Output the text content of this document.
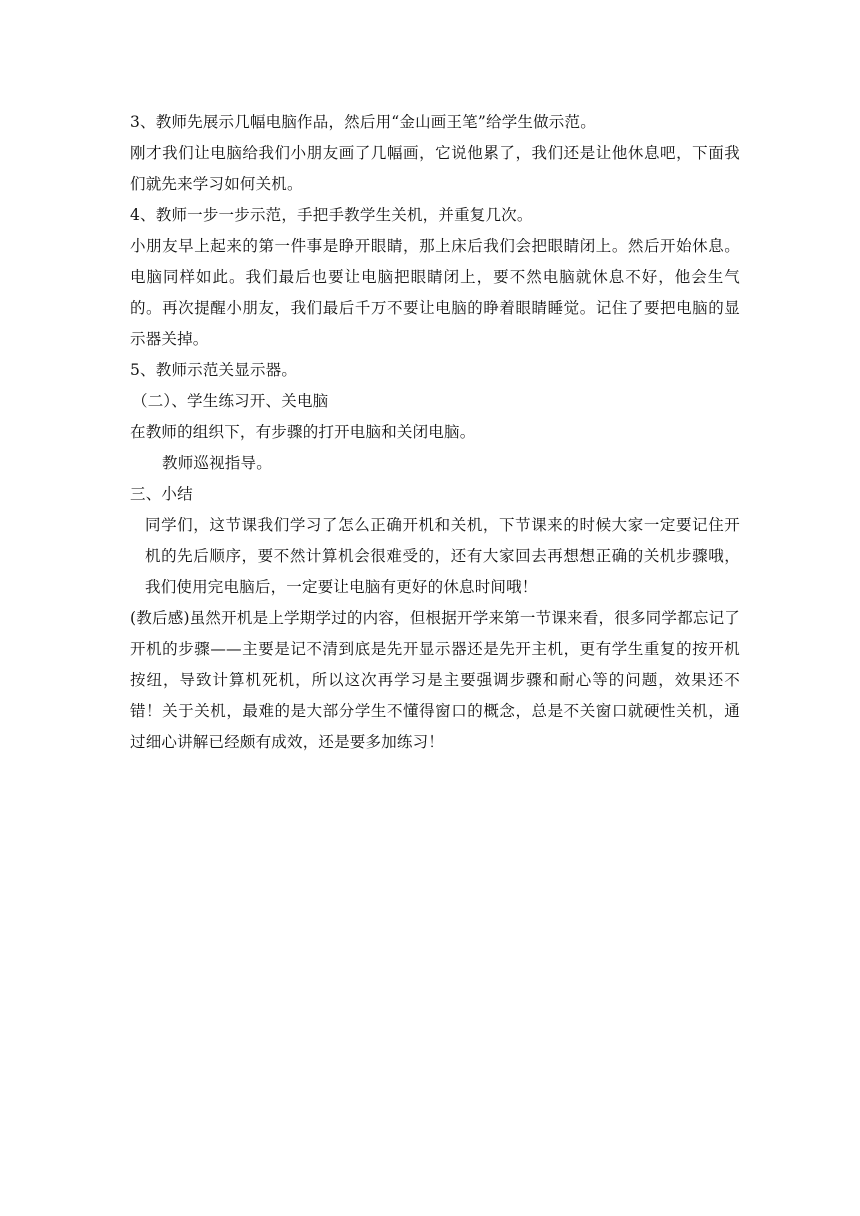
3、教师先展示几幅电脑作品，然后用“金山画王笔”给学生做示范。

刚才我们让电脑给我们小朋友画了几幅画，它说他累了，我们还是让他休息吧，下面我们就先来学习如何关机。

4、教师一步一步示范，手把手教学生关机，并重复几次。

小朋友早上起来的第一件事是睁开眼睛，那上床后我们会把眼睛闭上。然后开始休息。电脑同样如此。我们最后也要让电脑把眼睛闭上，要不然电脑就休息不好，他会生气的。再次提醒小朋友，我们最后千万不要让电脑的睁着眼睛睡觉。记住了要把电脑的显示器关掉。

5、教师示范关显示器。

（二）、学生练习开、关电脑

在教师的组织下，有步骤的打开电脑和关闭电脑。

教师巡视指导。

三、小结

同学们，这节课我们学习了怎么正确开机和关机，下节课来的时候大家一定要记住开机的先后顺序，要不然计算机会很难受的，还有大家回去再想想正确的关机步骤哦，我们使用完电脑后，一定要让电脑有更好的休息时间哦！

(教后感)虽然开机是上学期学过的内容，但根据开学来第一节课来看，很多同学都忘记了开机的步骤——主要是记不清到底是先开显示器还是先开主机，更有学生重复的按开机按纽，导致计算机死机，所以这次再学习是主要强调步骤和耐心等的问题，效果还不错！关于关机，最难的是大部分学生不懂得窗口的概念，总是不关窗口就硬性关机，通过细心讲解已经颇有成效，还是要多加练习！
